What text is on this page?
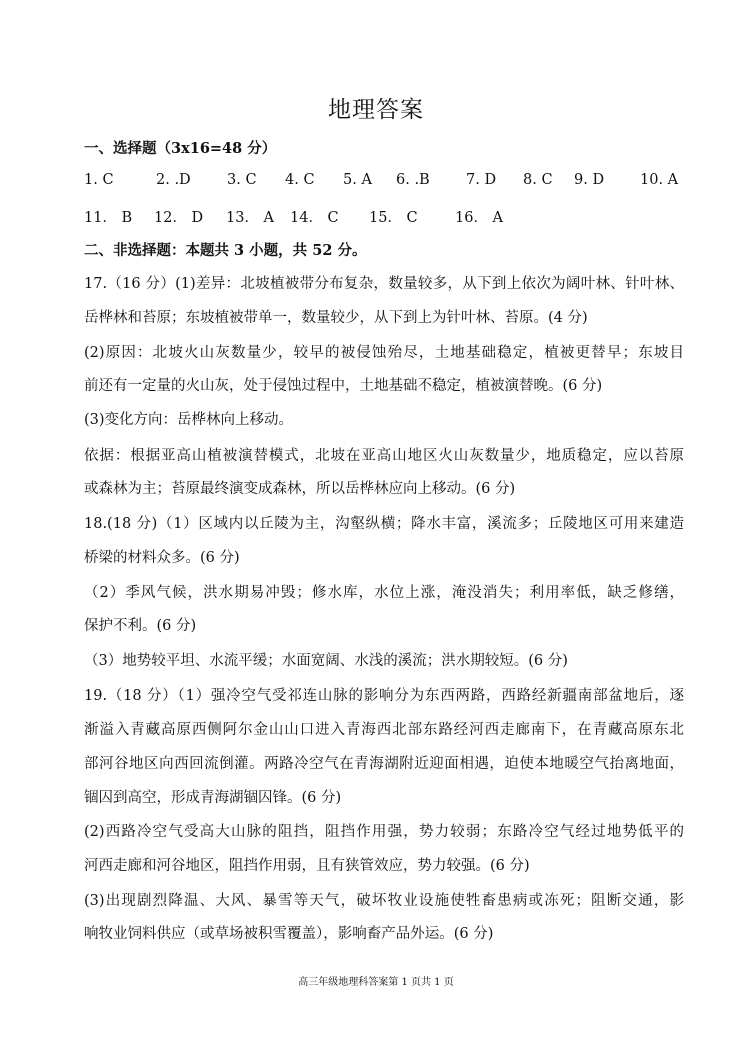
地理答案
一、选择题（3x16=48 分）
1. C	2. .D	3. C 4. C 5. A 6. .B	7. D 8. C 9. D 10. A
11． B 12． D 13． A 14． C 15． C	16． A
二、非选择题：本题共 3 小题，共 52 分。
17.（16 分）(1)差异：北坡植被带分布复杂，数量较多，从下到上依次为阔叶林、针叶林、
岳桦林和苔原；东坡植被带单一，数量较少，从下到上为针叶林、苔原。(4 分)
(2)原因：北坡火山灰数量少，较早的被侵蚀殆尽，土地基础稳定，植被更替早；东坡目
前还有一定量的火山灰，处于侵蚀过程中，土地基础不稳定，植被演替晚。(6 分)
(3)变化方向：岳桦林向上移动。
依据：根据亚高山植被演替模式，北坡在亚高山地区火山灰数量少，地质稳定，应以苔原
或森林为主；苔原最终演变成森林，所以岳桦林应向上移动。(6 分)
18.(18 分)（1）区域内以丘陵为主，沟壑纵横；降水丰富，溪流多；丘陵地区可用来建造
桥梁的材料众多。(6 分)
（2）季风气候，洪水期易冲毁；修水库，水位上涨，淹没消失；利用率低，缺乏修缮，
保护不利。(6 分)
（3）地势较平坦、水流平缓；水面宽阔、水浅的溪流；洪水期较短。(6 分)
19.（18 分）（1）强冷空气受祁连山脉的影响分为东西两路，西路经新疆南部盆地后，逐
渐溢入青藏高原西侧阿尔金山山口进入青海西北部东路经河西走廊南下，在青藏高原东北
部河谷地区向西回流倒灌。两路冷空气在青海湖附近迎面相遇，迫使本地暖空气抬离地面，
锢囚到高空，形成青海湖锢囚锋。(6 分)
(2)西路冷空气受高大山脉的阻挡，阻挡作用强，势力较弱；东路冷空气经过地势低平的
河西走廊和河谷地区，阻挡作用弱，且有狭管效应，势力较强。(6 分)
(3)出现剧烈降温、大风、暴雪等天气，破坏牧业设施使牲畜患病或冻死；阻断交通，影
响牧业饲料供应（或草场被积雪覆盖），影响畜产品外运。(6 分)
高三年级地理科答案第 1 页共 1 页
